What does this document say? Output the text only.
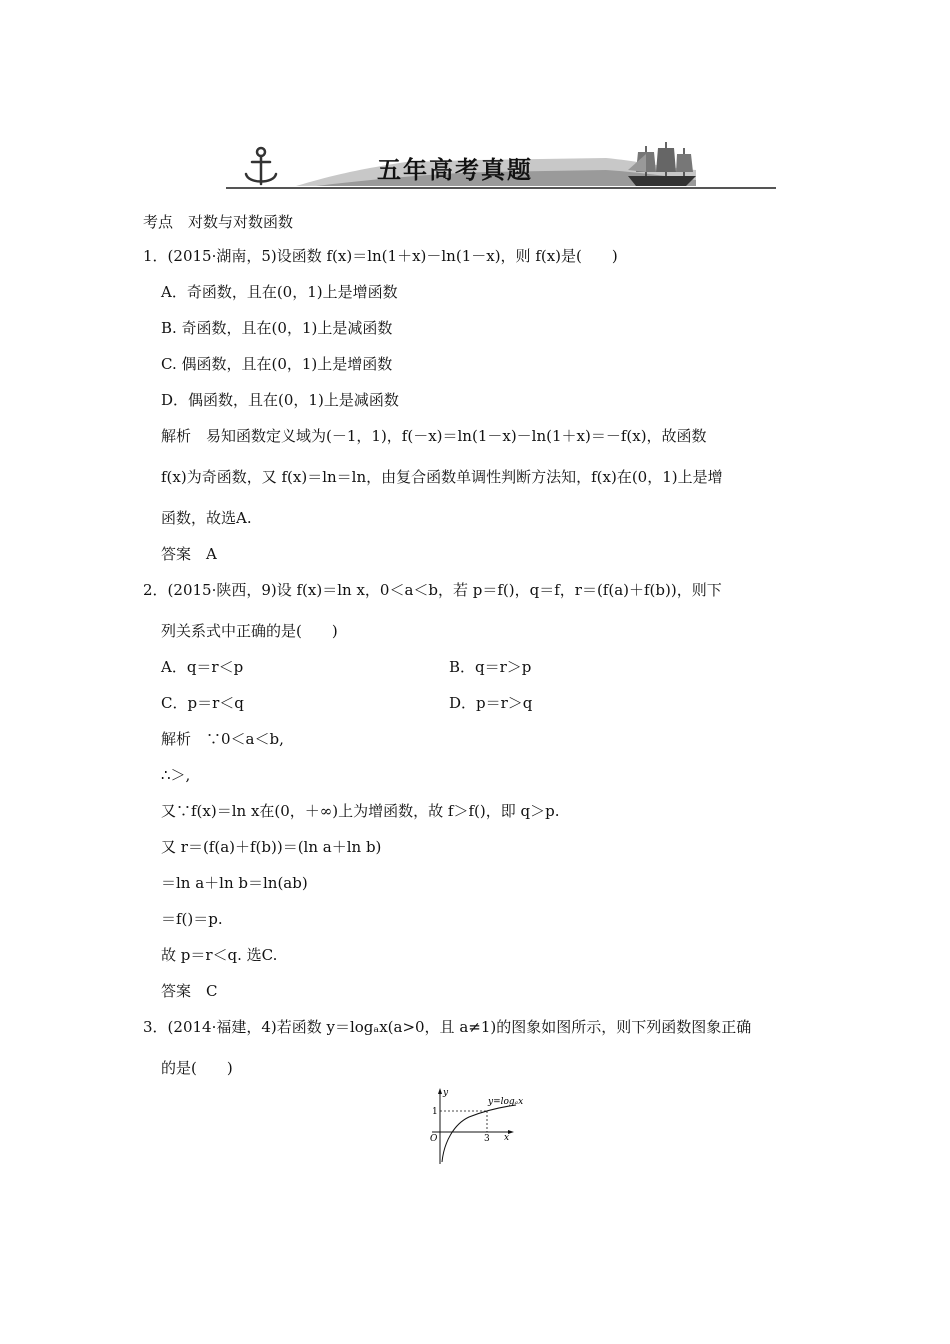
五年高考真题
考点　对数与对数函数
1．(2015·湖南，5)设函数 f(x)＝ln(1＋x)－ln(1－x)，则 f(x)是(　　)
A．奇函数，且在(0，1)上是增函数
B. 奇函数，且在(0，1)上是减函数
C. 偶函数，且在(0，1)上是增函数
D．偶函数，且在(0，1)上是减函数
解析　易知函数定义域为(－1，1)，f(－x)＝ln(1－x)－ln(1＋x)＝－f(x)，故函数
f(x)为奇函数，又 f(x)＝ln＝ln，由复合函数单调性判断方法知，f(x)在(0，1)上是增
函数，故选A.
答案　A
2．(2015·陕西，9)设 f(x)＝ln x，0＜a＜b，若 p＝f()，q＝f，r＝(f(a)＋f(b))，则下
列关系式中正确的是(　　)
A．q＝r＜p	B．q＝r＞p
C．p＝r＜q	D．p＝r＞q
解析　∵0＜a＜b,
∴＞,
又∵f(x)＝ln x在(0，＋∞)上为增函数，故 f＞f()，即 q＞p.
又 r＝(f(a)＋f(b))＝(ln a＋ln b)
＝ln a＋ln b＝ln(ab)
＝f()＝p.
故 p＝r＜q. 选C.
答案　C
3．(2014·福建，4)若函数 y＝logₐx(a>0，且 a≠1)的图象如图所示，则下列函数图象正确
的是(　　)
y
x
O
1
3
y=logₐx
